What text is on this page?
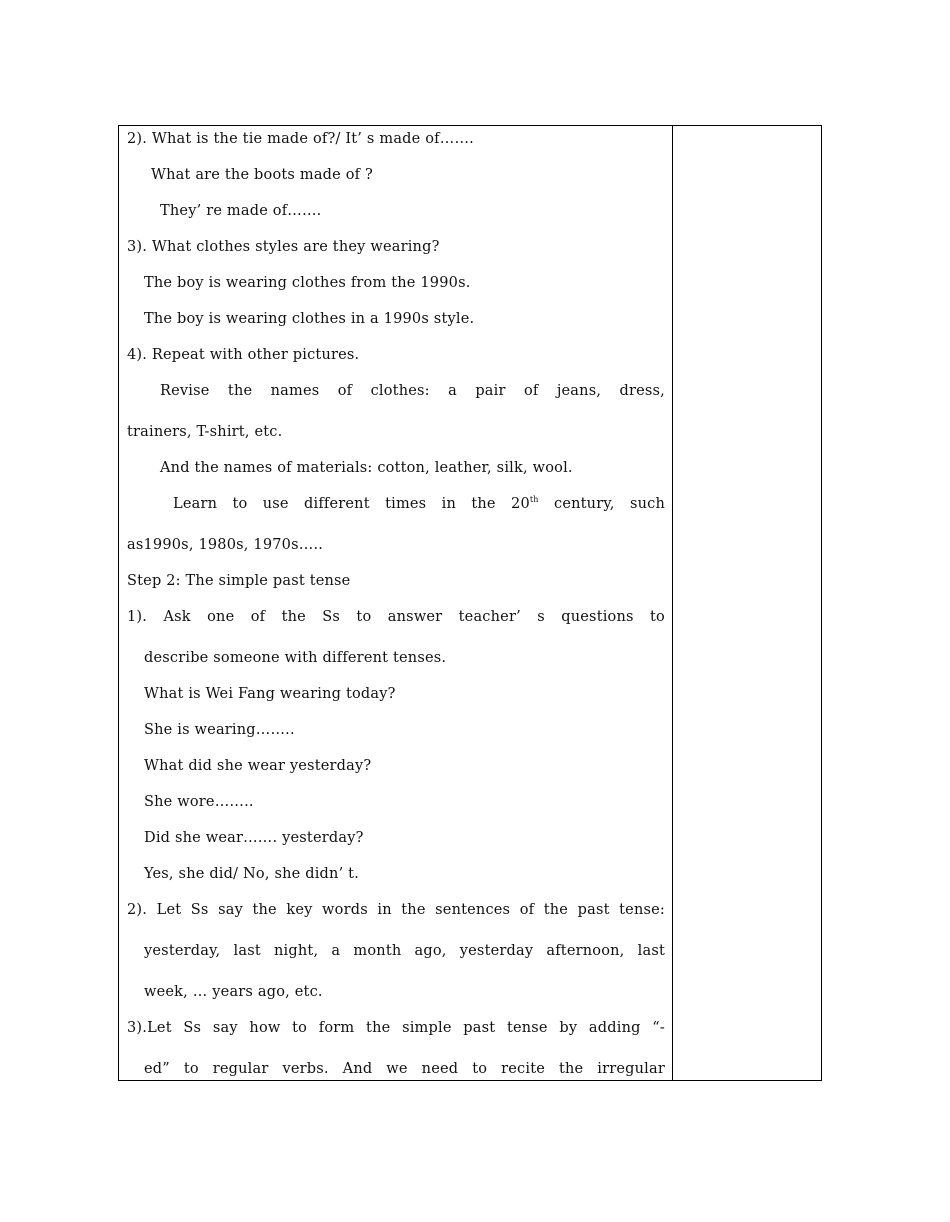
2). What is the tie made of?/ It’ s made of…….
What are the boots made of ?
They’ re made of…….
3). What clothes styles are they wearing?
The boy is wearing clothes from the 1990s.
The boy is wearing clothes in a 1990s style.
4). Repeat with other pictures.
Revise the names of clothes: a pair of jeans, dress,
trainers, T-shirt, etc.
And the names of materials: cotton, leather, silk, wool.
Learn to use different times in the 20th century, such
as1990s, 1980s, 1970s…..
Step 2: The simple past tense
1). Ask one of the Ss to answer teacher’ s questions to
describe someone with different tenses.
What is Wei Fang wearing today?
She is wearing……..
What did she wear yesterday?
She wore……..
Did she wear……. yesterday?
Yes, she did/ No, she didn’ t.
2). Let Ss say the key words in the sentences of the past tense:
yesterday, last night, a month ago, yesterday afternoon, last
week, … years ago, etc.
3).Let Ss say how to form the simple past tense by adding “-
ed” to regular verbs. And we need to recite the irregular
